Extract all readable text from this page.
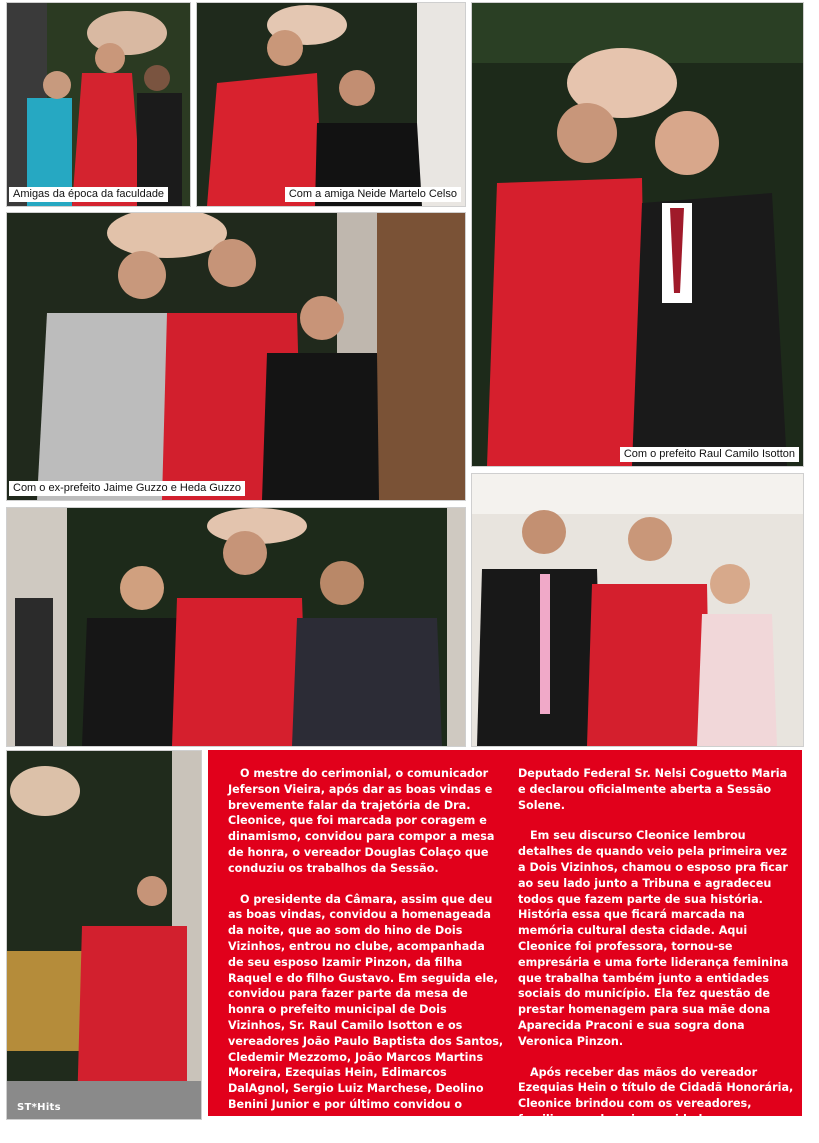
Amigas da época da faculdade	Com a amiga Neide Martelo Celso
Com o prefeito Raul Camilo Isotton
Com o ex-prefeito Jaime Guzzo e Heda Guzzo
ST*Hits

O mestre do cerimonial, o comunicador Jeferson Vieira, após dar as boas vindas e brevemente falar da trajetória de Dra. Cleonice, que foi marcada por coragem e dinamismo, convidou para compor a mesa de honra, o vereador Douglas Colaço que conduziu os trabalhos da Sessão.

O presidente da Câmara, assim que deu as boas vindas, convidou a homenageada da noite, que ao som do hino de Dois Vizinhos, entrou no clube, acompanhada de seu esposo Izamir Pinzon, da filha Raquel e do filho Gustavo. Em seguida ele, convidou para fazer parte da mesa de honra o prefeito municipal de Dois Vizinhos, Sr. Raul Camilo Isotton e os vereadores João Paulo Baptista dos Santos, Cledemir Mezzomo, João Marcos Martins Moreira, Ezequias Hein, Edimarcos DalAgnol, Sergio Luiz Marchese, Deolino Benini Junior e por último convidou o

Deputado Federal Sr. Nelsi Coguetto Maria e declarou oficialmente aberta a Sessão Solene.

Em seu discurso Cleonice lembrou detalhes de quando veio pela primeira vez a Dois Vizinhos, chamou o esposo pra ficar ao seu lado junto a Tribuna e agradeceu todos que fazem parte de sua história. História essa que ficará marcada na memória cultural desta cidade. Aqui Cleonice foi professora, tornou-se empresária e uma forte liderança feminina que trabalha também junto a entidades sociais do município. Ela fez questão de prestar homenagem para sua mãe dona Aparecida Praconi e sua sogra dona Veronica Pinzon.

Após receber das mãos do vereador Ezequias Hein o título de Cidadã Honorária, Cleonice brindou com os vereadores, familiares e demais convidados.
